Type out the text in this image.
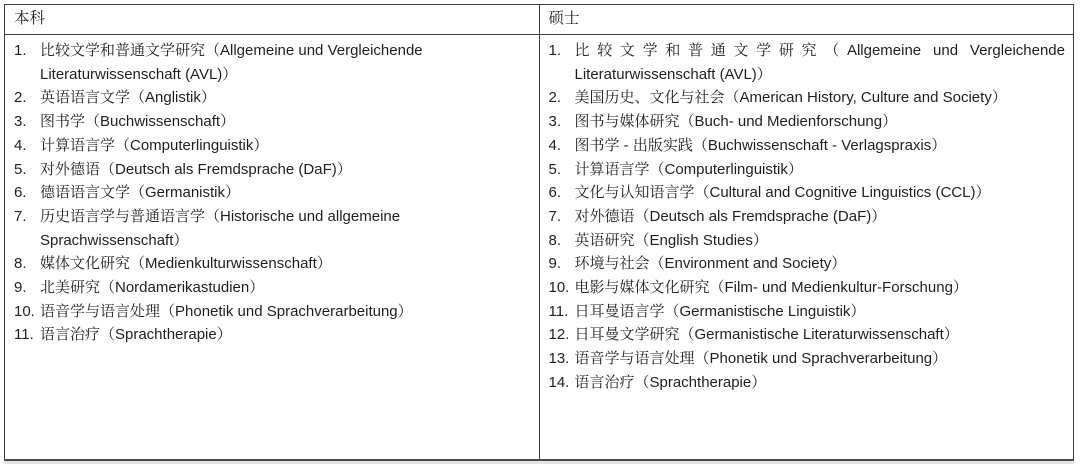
本科	硕士

1. 比较文学和普通文学研究（Allgemeine und Vergleichende Literaturwissenschaft (AVL)）
2. 英语语言文学（Anglistik）
3. 图书学（Buchwissenschaft）
4. 计算语言学（Computerlinguistik）
5. 对外德语（Deutsch als Fremdsprache (DaF)）
6. 德语语言文学（Germanistik）
7. 历史语言学与普通语言学（Historische und allgemeine Sprachwissenschaft）
8. 媒体文化研究（Medienkulturwissenschaft）
9. 北美研究（Nordamerikastudien）
10. 语音学与语言处理（Phonetik und Sprachverarbeitung）
11. 语言治疗（Sprachtherapie）

1. 比较文学和普通文学研究（Allgemeine und Vergleichende Literaturwissenschaft (AVL)）
2. 美国历史、文化与社会（American History, Culture and Society）
3. 图书与媒体研究（Buch- und Medienforschung）
4. 图书学 - 出版实践（Buchwissenschaft - Verlagspraxis）
5. 计算语言学（Computerlinguistik）
6. 文化与认知语言学（Cultural and Cognitive Linguistics (CCL)）
7. 对外德语（Deutsch als Fremdsprache (DaF)）
8. 英语研究（English Studies）
9. 环境与社会（Environment and Society）
10. 电影与媒体文化研究（Film- und Medienkultur-Forschung）
11. 日耳曼语言学（Germanistische Linguistik）
12. 日耳曼文学研究（Germanistische Literaturwissenschaft）
13. 语音学与语言处理（Phonetik und Sprachverarbeitung）
14. 语言治疗（Sprachtherapie）
